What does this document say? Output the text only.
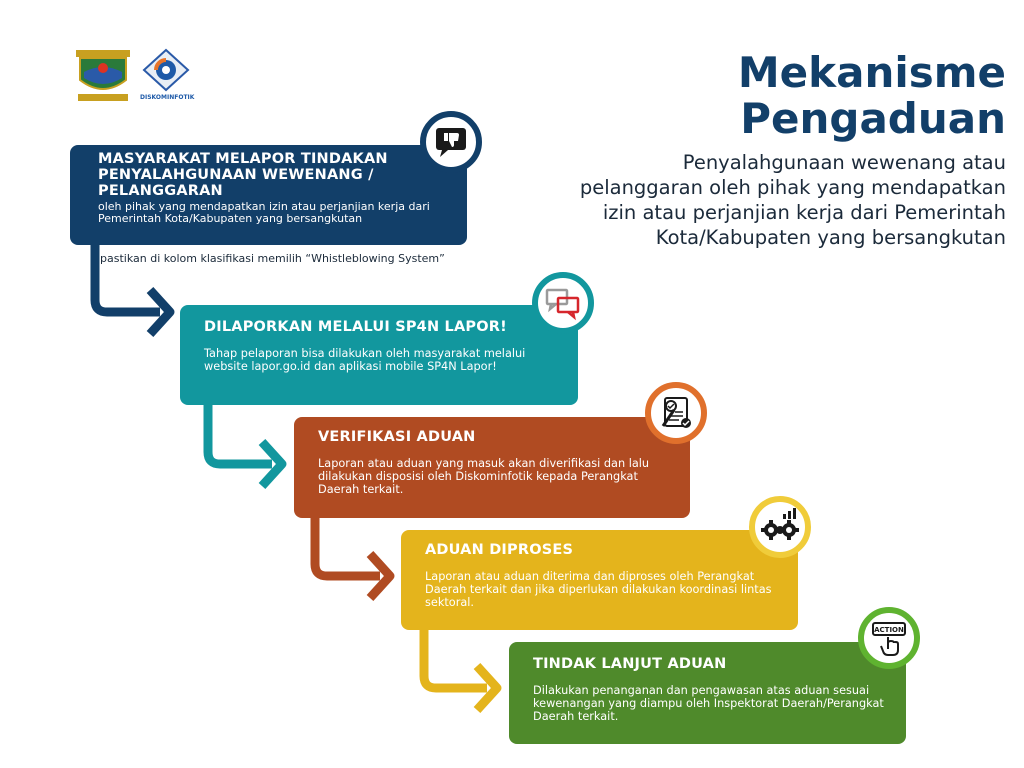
DISKOMINFOTIK
Mekanisme
Pengaduan
Penyalahgunaan wewenang atau
pelanggaran oleh pihak yang mendapatkan
izin atau perjanjian kerja dari Pemerintah
Kota/Kabupaten yang bersangkutan
MASYARAKAT MELAPOR TINDAKAN PENYALAHGUNAAN WEWENANG / PELANGGARAN
oleh pihak yang mendapatkan izin atau perjanjian kerja dari Pemerintah Kota/Kabupaten yang bersangkutan
pastikan di kolom klasifikasi memilih “Whistleblowing System”
DILAPORKAN MELALUI SP4N LAPOR!
Tahap pelaporan bisa dilakukan oleh masyarakat melalui website lapor.go.id dan aplikasi mobile SP4N Lapor!
VERIFIKASI ADUAN
Laporan atau aduan yang masuk akan diverifikasi dan lalu dilakukan disposisi oleh Diskominfotik kepada Perangkat Daerah terkait.
ADUAN DIPROSES
Laporan atau aduan diterima dan diproses oleh Perangkat Daerah terkait dan jika diperlukan dilakukan koordinasi lintas sektoral.
TINDAK LANJUT ADUAN
Dilakukan penanganan dan pengawasan atas aduan sesuai kewenangan yang diampu oleh Inspektorat Daerah/Perangkat Daerah terkait.
ACTION
